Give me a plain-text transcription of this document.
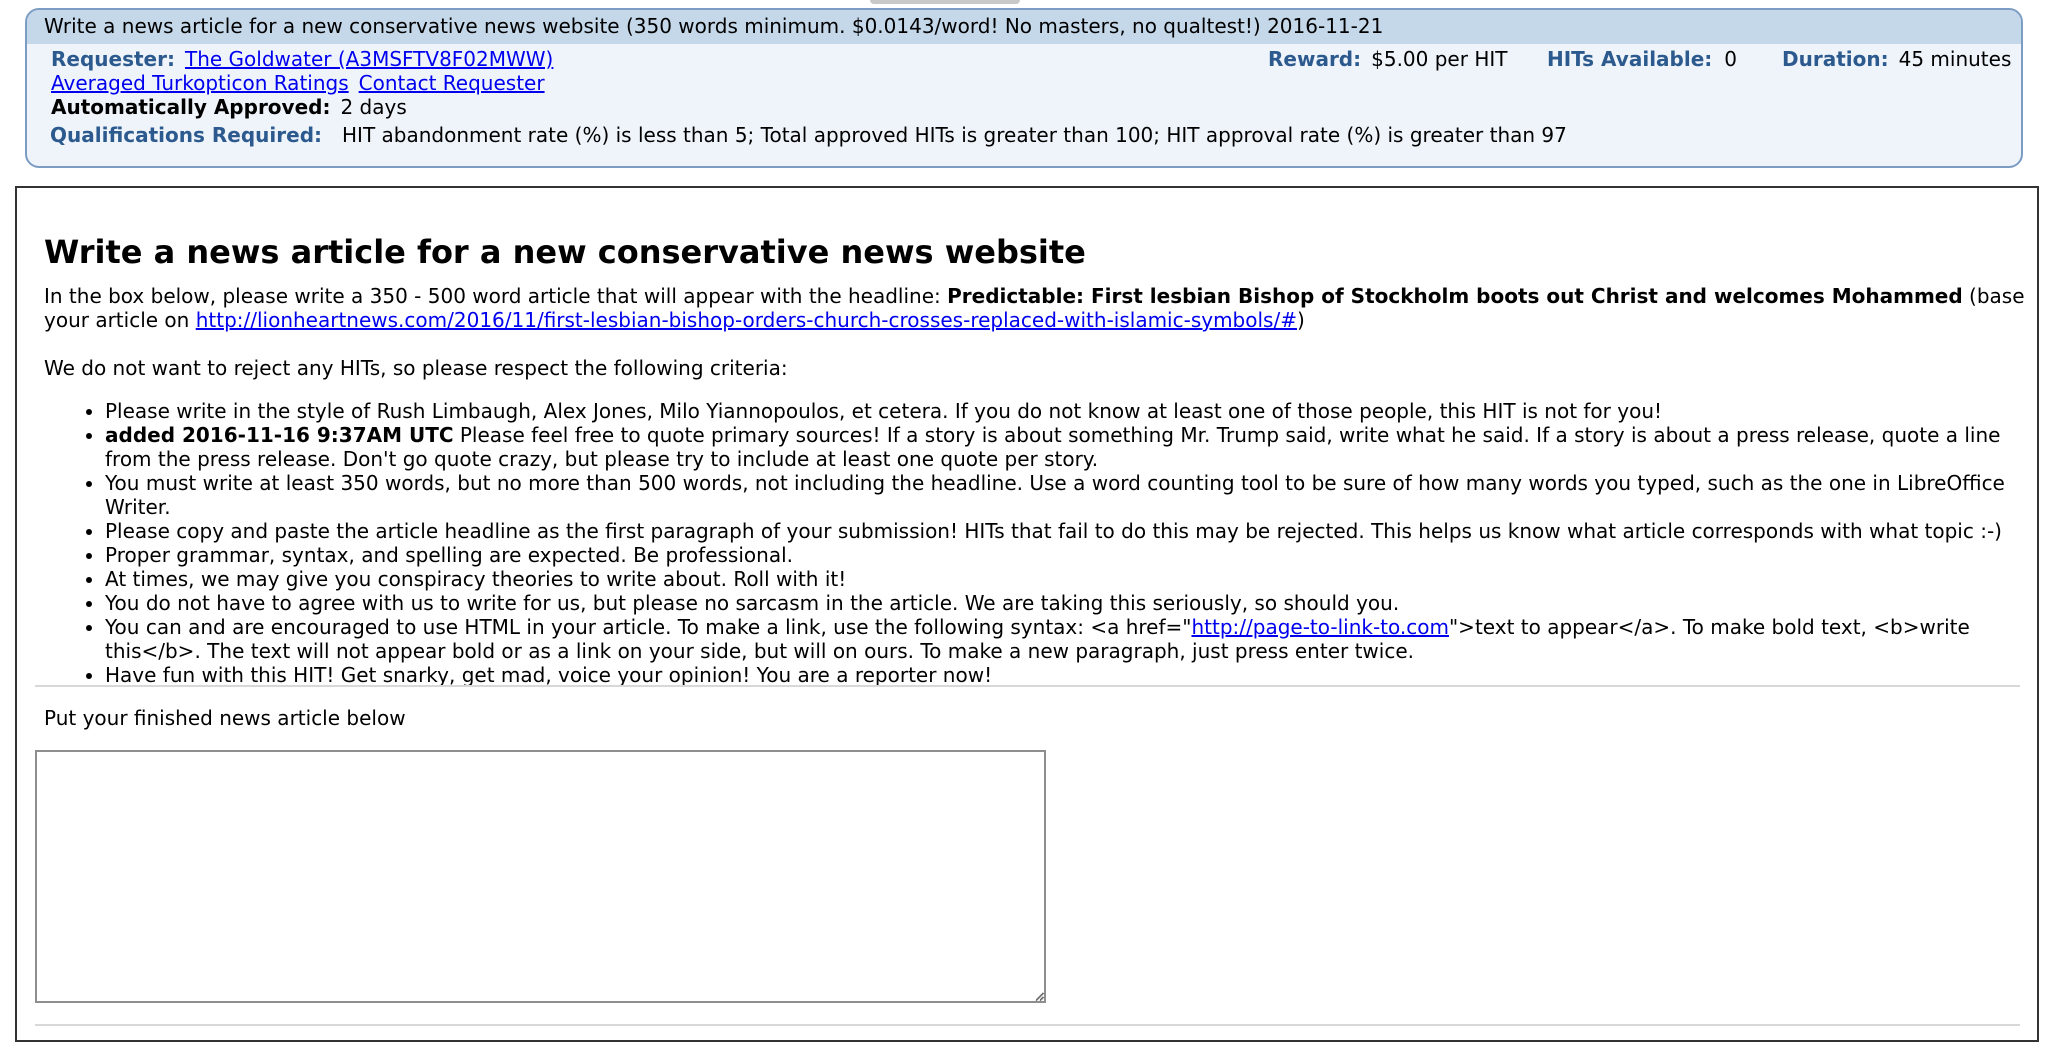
Write a news article for a new conservative news website (350 words minimum. $0.0143/word! No masters, no qualtest!) 2016-11-21
Requester: The Goldwater (A3MSFTV8F02MWW)	Reward: $5.00 per HIT HITs Available: 0 Duration: 45 minutes
Averaged Turkopticon Ratings Contact Requester
Automatically Approved: 2 days
Qualifications Required: HIT abandonment rate (%) is less than 5; Total approved HITs is greater than 100; HIT approval rate (%) is greater than 97
Write a news article for a new conservative news website

In the box below, please write a 350 - 500 word article that will appear with the headline: Predictable: First lesbian Bishop of Stockholm boots out Christ and welcomes Mohammed (base your article on http://lionheartnews.com/2016/11/first-lesbian-bishop-orders-church-crosses-replaced-with-islamic-symbols/#)

We do not want to reject any HITs, so please respect the following criteria:

• Please write in the style of Rush Limbaugh, Alex Jones, Milo Yiannopoulos, et cetera. If you do not know at least one of those people, this HIT is not for you!
• added 2016-11-16 9:37AM UTC Please feel free to quote primary sources! If a story is about something Mr. Trump said, write what he said. If a story is about a press release, quote a line from the press release. Don't go quote crazy, but please try to include at least one quote per story.
• You must write at least 350 words, but no more than 500 words, not including the headline. Use a word counting tool to be sure of how many words you typed, such as the one in LibreOffice Writer.
• Please copy and paste the article headline as the first paragraph of your submission! HITs that fail to do this may be rejected. This helps us know what article corresponds with what topic :-)
• Proper grammar, syntax, and spelling are expected. Be professional.
• At times, we may give you conspiracy theories to write about. Roll with it!
• You do not have to agree with us to write for us, but please no sarcasm in the article. We are taking this seriously, so should you.
• You can and are encouraged to use HTML in your article. To make a link, use the following syntax: <a href="http://page-to-link-to.com">text to appear</a>. To make bold text, <b>write this</b>. The text will not appear bold or as a link on your side, but will on ours. To make a new paragraph, just press enter twice.
• Have fun with this HIT! Get snarky, get mad, voice your opinion! You are a reporter now!
Put your finished news article below
